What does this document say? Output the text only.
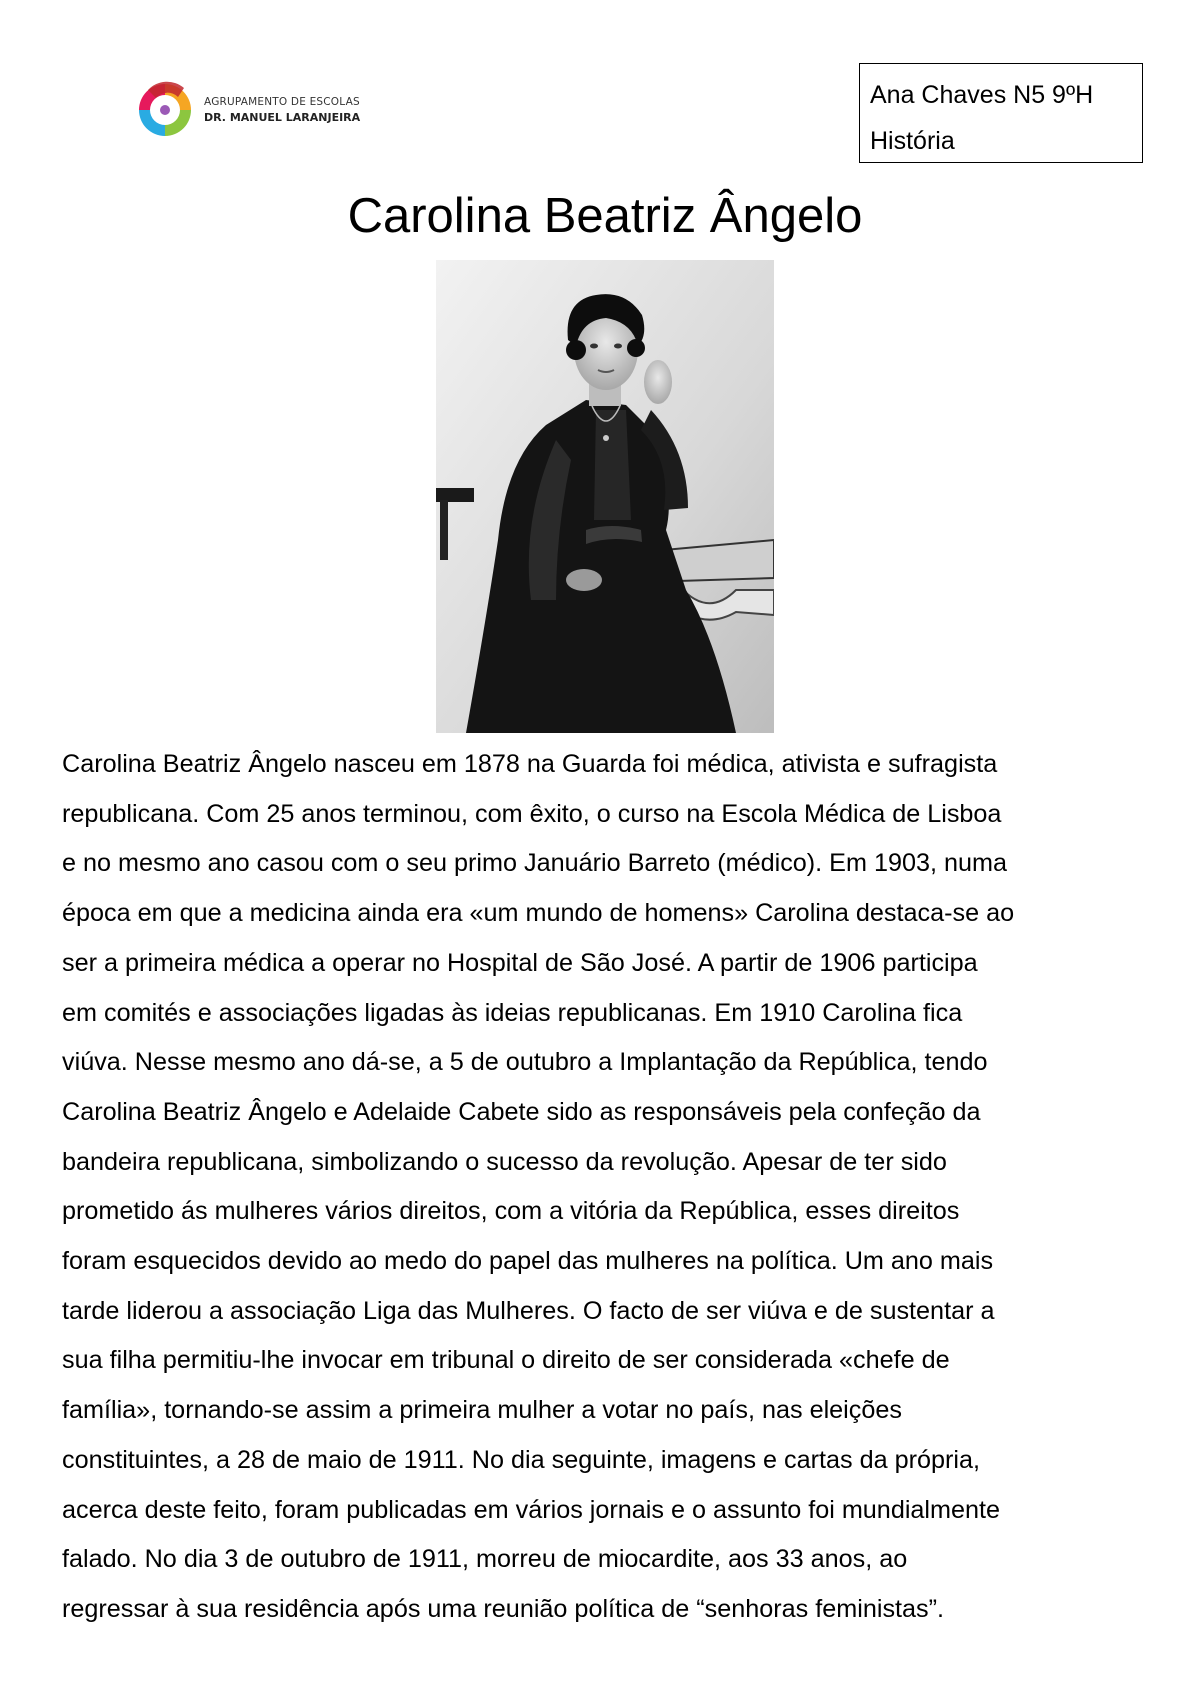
AGRUPAMENTO DE ESCOLAS
DR. MANUEL LARANJEIRA
Ana Chaves N5 9ºH
História
Carolina Beatriz Ângelo
Carolina Beatriz Ângelo nasceu em 1878 na Guarda foi médica, ativista e sufragista
republicana. Com 25 anos terminou, com êxito, o curso na Escola Médica de Lisboa
e no mesmo ano casou com o seu primo Januário Barreto (médico). Em 1903, numa
época em que a medicina ainda era «um mundo de homens» Carolina destaca-se ao
ser a primeira médica a operar no Hospital de São José. A partir de 1906 participa
em comités e associações ligadas às ideias republicanas. Em 1910 Carolina fica
viúva. Nesse mesmo ano dá-se, a 5 de outubro a Implantação da República, tendo
Carolina Beatriz Ângelo e Adelaide Cabete sido as responsáveis pela confeção da
bandeira republicana, simbolizando o sucesso da revolução. Apesar de ter sido
prometido ás mulheres vários direitos, com a vitória da República, esses direitos
foram esquecidos devido ao medo do papel das mulheres na política. Um ano mais
tarde liderou a associação Liga das Mulheres. O facto de ser viúva e de sustentar a
sua filha permitiu-lhe invocar em tribunal o direito de ser considerada «chefe de
família», tornando-se assim a primeira mulher a votar no país, nas eleições
constituintes, a 28 de maio de 1911. No dia seguinte, imagens e cartas da própria,
acerca deste feito, foram publicadas em vários jornais e o assunto foi mundialmente
falado. No dia 3 de outubro de 1911, morreu de miocardite, aos 33 anos, ao
regressar à sua residência após uma reunião política de “senhoras feministas”.
